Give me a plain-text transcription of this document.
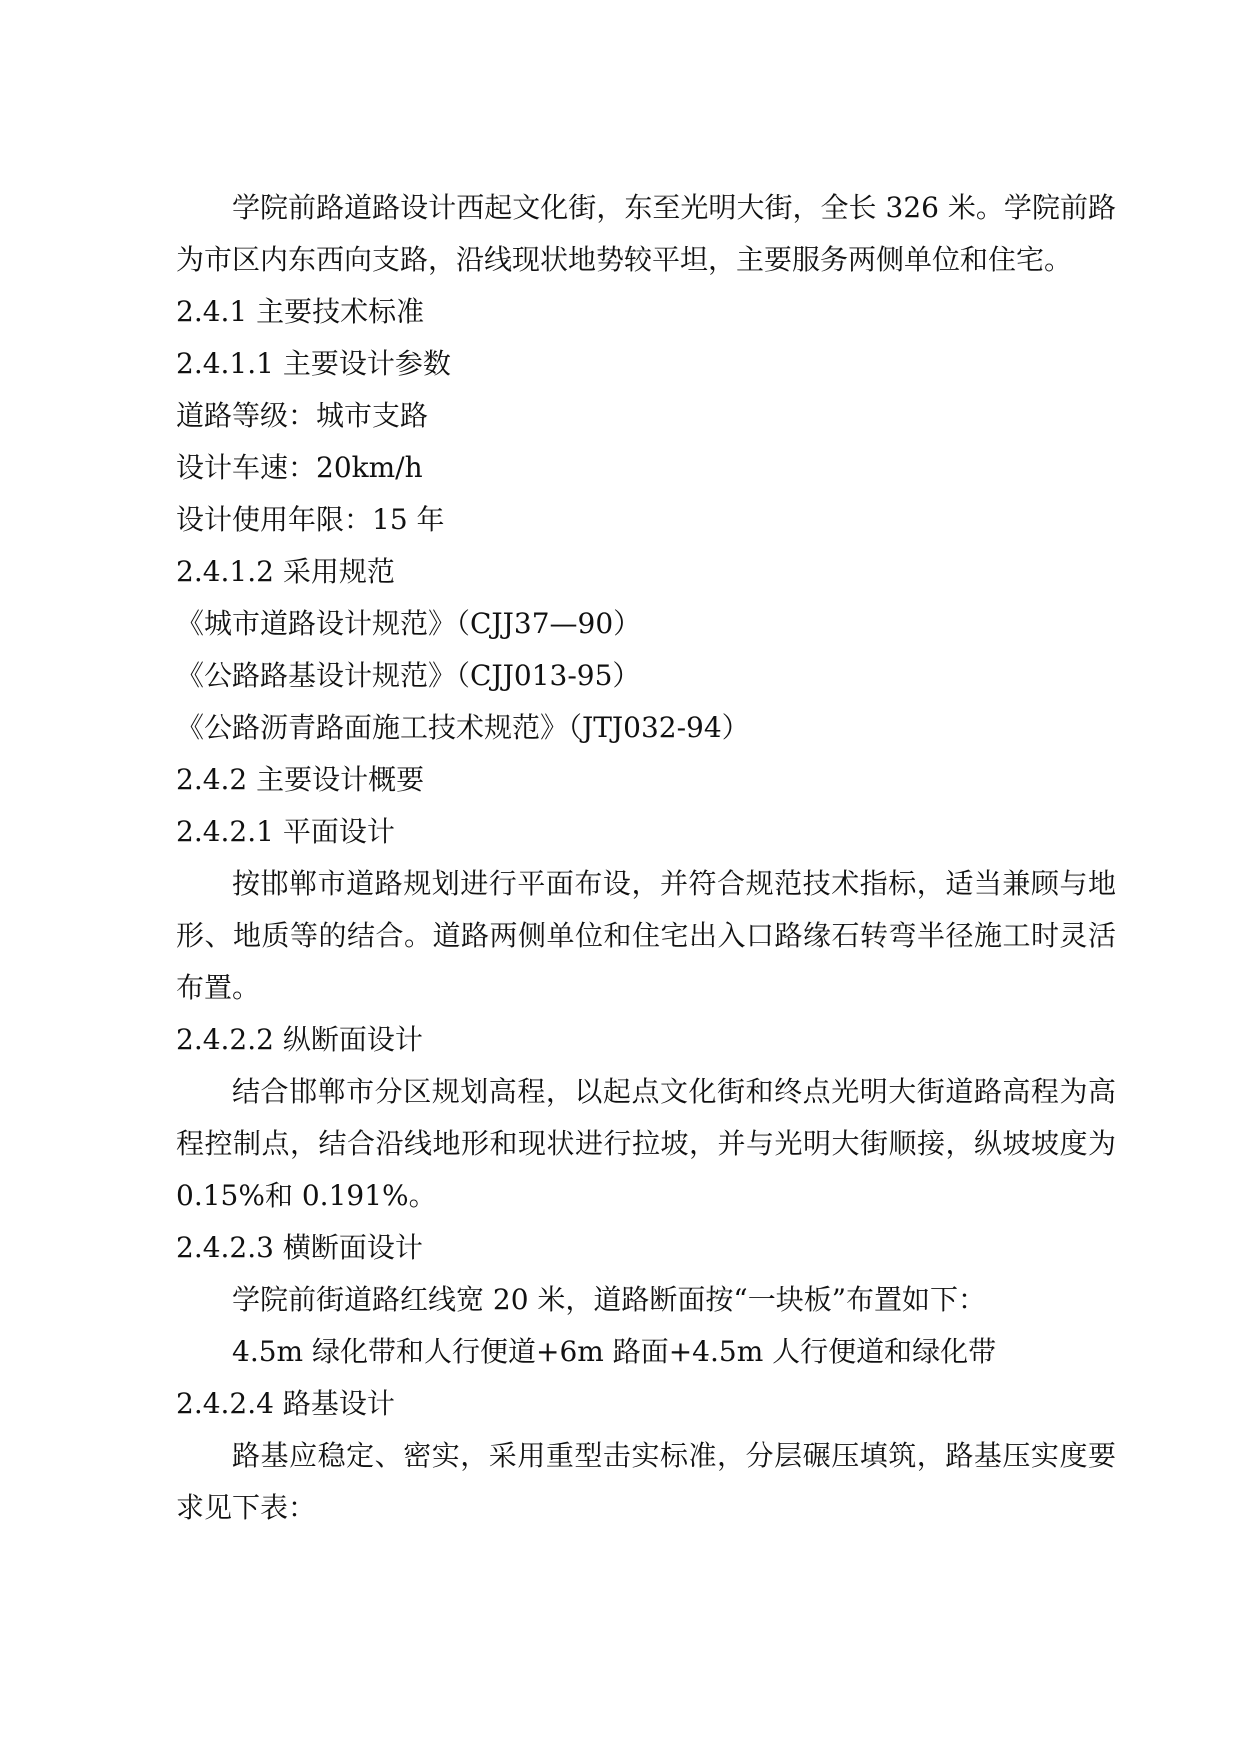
学院前路道路设计西起文化街，东至光明大街，全长 326 米。学院前路为市区内东西向支路，沿线现状地势较平坦，主要服务两侧单位和住宅。

2.4.1 主要技术标准

2.4.1.1 主要设计参数

道路等级：城市支路

设计车速：20km/h

设计使用年限：15 年

2.4.1.2 采用规范

《城市道路设计规范》（CJJ37—90）

《公路路基设计规范》（CJJ013-95）

《公路沥青路面施工技术规范》（JTJ032-94）

2.4.2 主要设计概要

2.4.2.1 平面设计

按邯郸市道路规划进行平面布设，并符合规范技术指标，适当兼顾与地形、地质等的结合。道路两侧单位和住宅出入口路缘石转弯半径施工时灵活布置。

2.4.2.2 纵断面设计

结合邯郸市分区规划高程，以起点文化街和终点光明大街道路高程为高程控制点，结合沿线地形和现状进行拉坡，并与光明大街顺接，纵坡坡度为 0.15%和 0.191%。

2.4.2.3 横断面设计

学院前街道路红线宽 20 米，道路断面按“一块板”布置如下：

4.5m 绿化带和人行便道+6m 路面+4.5m 人行便道和绿化带

2.4.2.4 路基设计

路基应稳定、密实，采用重型击实标准，分层碾压填筑，路基压实度要求见下表：
